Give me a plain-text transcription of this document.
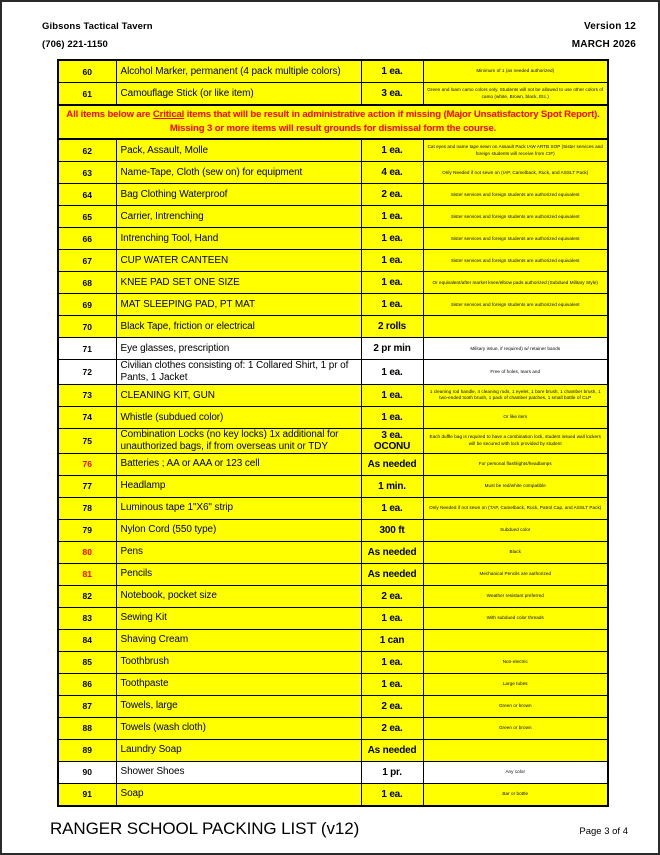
Gibsons Tactical Tavern
(706) 221-1150
Version 12
MARCH 2026
60	Alcohol Marker, permanent (4 pack multiple colors)	1 ea.	Minimum of 1 (as needed authorized)
61	Camouflage Stick (or like item)	3 ea.	Green and loam camo colors only. Students will not be allowed to use other colors of camo (white, Brown, black, Etc.)
All items below are Critical items that will be result in administrative action if missing (Major Unsatisfactory Spot Report). Missing 3 or more items will result grounds for dismissal form the course.			
62	Pack, Assault, Molle	1 ea.	Cat eyes and name tape sewn on Assault Pack IAW ARTB SOP (Sister services and foreign students will receive from CIF)
63	Name-Tape, Cloth (sew on) for equipment	4 ea.	Only Needed if not sewn on (IAP, Camelback, Ruck, and ASSLT Pack)
64	Bag Clothing Waterproof	2 ea.	Sister services and foreign students are authorized equivalent
65	Carrier, Intrenching	1 ea.	Sister services and foreign students are authorized equivalent
66	Intrenching Tool, Hand	1 ea.	Sister services and foreign students are authorized equivalent
67	CUP WATER CANTEEN	1 ea.	Sister services and foreign students are authorized equivalent
68	KNEE PAD SET ONE SIZE	1 ea.	Or equivalent/after market knee/elbow pads authorized (Subdued Military Style)
69	MAT SLEEPING PAD, PT MAT	1 ea.	Sister services and foreign students are authorized equivalent
70	Black Tape, friction or electrical	2 rolls	
71	Eye glasses, prescription	2 pr min	Military issue, if required) w/ retainer bands
72	Civilian clothes consisting of: 1 Collared Shirt, 1 pr of Pants, 1 Jacket	1 ea.	Free of holes, tears and
73	CLEANING KIT, GUN	1 ea.	1 cleaning rod handle, 4 cleaning rods, 1 eyelet, 1 bore brush, 1 chamber brush, 1 two-ended tooth brush, 1 pack of chamber patches, 1 small bottle of CLP
74	Whistle (subdued color)	1 ea.	Or like item
75	Combination Locks (no key locks) 1x additional for unauthorized bags, if from overseas unit or TDY	3 ea. OCONU	Each duffle bag is required to have a combination lock, student issued wall lockers will be secured with lock provided by student
76	Batteries ; AA or AAA or 123 cell	As needed	For personal flashlights/headlamps
77	Headlamp	1 min.	Must be red/white compatible
78	Luminous tape 1"X6" strip	1 ea.	Only Needed if not sewn on (TAP, Camelback, Ruck, Patrol Cap, and ASSLT Pack)
79	Nylon Cord (550 type)	300 ft	Subdued color
80	Pens	As needed	Black
81	Pencils	As needed	Mechanical Pencils are authorized
82	Notebook, pocket size	2 ea.	Weather resistant preferred
83	Sewing Kit	1 ea.	With subdued color threads
84	Shaving Cream	1 can	
85	Toothbrush	1 ea.	Non-electric
86	Toothpaste	1 ea.	Large tubes
87	Towels, large	2 ea.	Green or brown
88	Towels (wash cloth)	2 ea.	Green or brown
89	Laundry Soap	As needed	
90	Shower Shoes	1 pr.	Any color
91	Soap	1 ea.	Bar or bottle
RANGER SCHOOL PACKING LIST (v12)	Page 3 of 4
